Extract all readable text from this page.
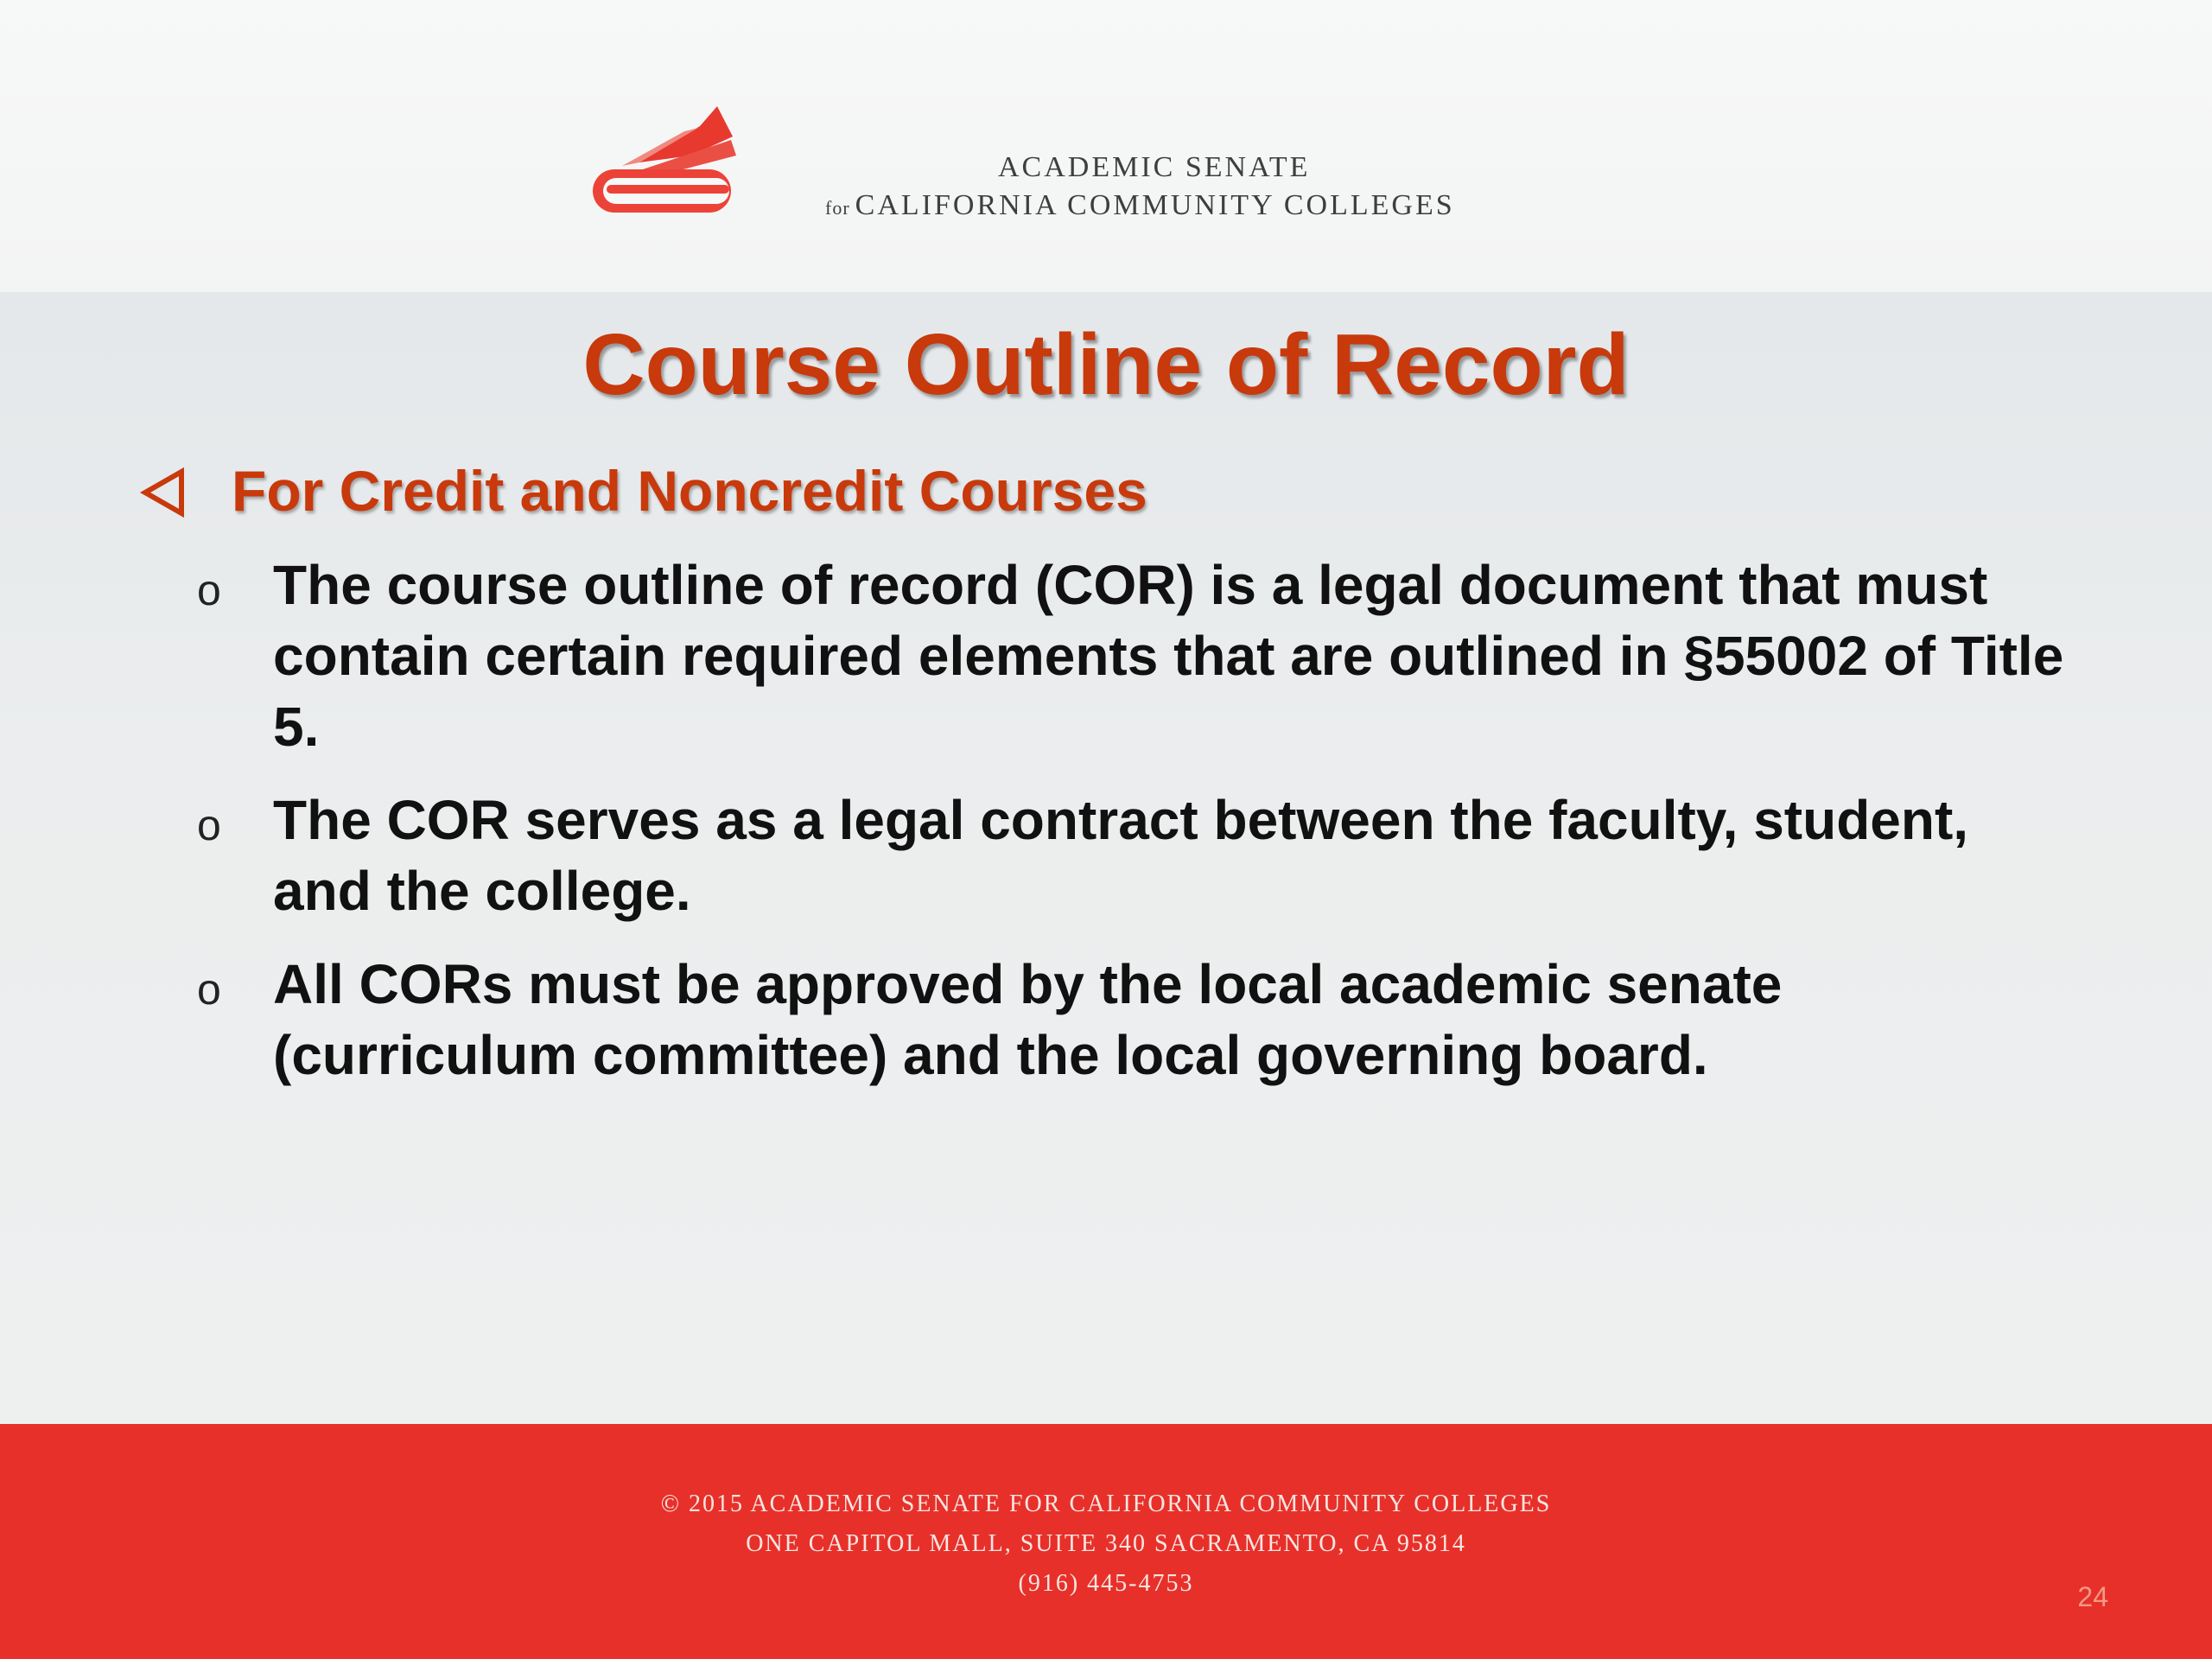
ACADEMIC SENATE
for CALIFORNIA COMMUNITY COLLEGES
Course Outline of Record
For Credit and Noncredit Courses
o The course outline of record (COR) is a legal document that must contain certain required elements that are outlined in §55002 of Title 5.
o The COR serves as a legal contract between the faculty, student, and the college.
o All CORs must be approved by the local academic senate (curriculum committee) and the local governing board.
© 2015 ACADEMIC SENATE FOR CALIFORNIA COMMUNITY COLLEGES
ONE CAPITOL MALL, SUITE 340 SACRAMENTO, CA 95814
(916) 445-4753	24
